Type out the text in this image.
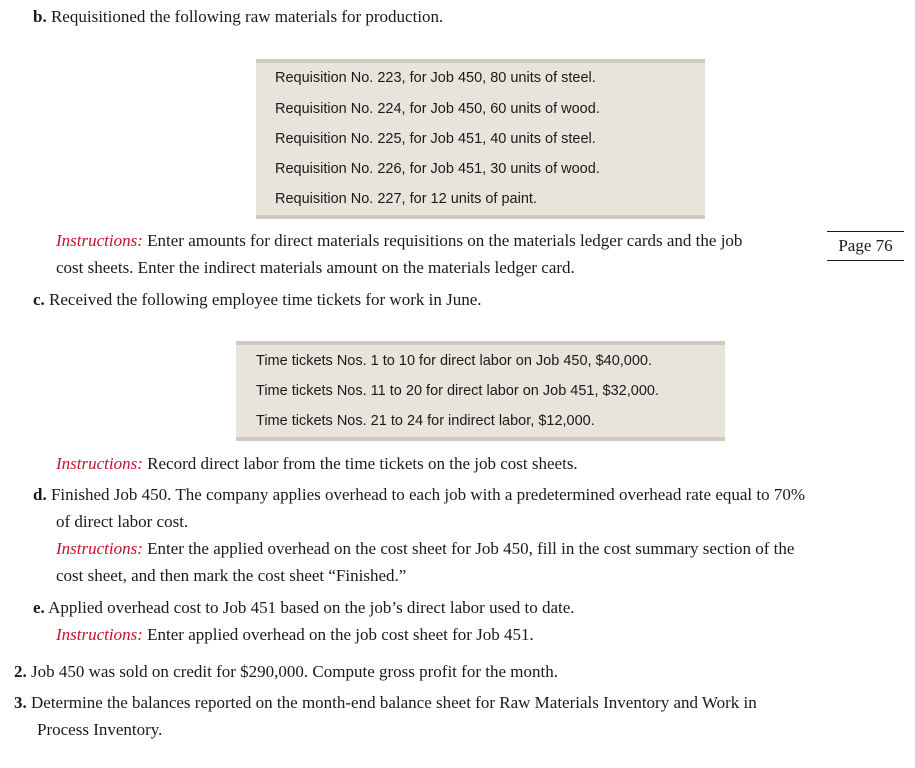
b. Requisitioned the following raw materials for production.
Requisition No. 223, for Job 450, 80 units of steel.
Requisition No. 224, for Job 450, 60 units of wood.
Requisition No. 225, for Job 451, 40 units of steel.
Requisition No. 226, for Job 451, 30 units of wood.
Requisition No. 227, for 12 units of paint.
Instructions: Enter amounts for direct materials requisitions on the materials ledger cards and the job
cost sheets. Enter the indirect materials amount on the materials ledger card.
Page 76
c. Received the following employee time tickets for work in June.
Time tickets Nos. 1 to 10 for direct labor on Job 450, $40,000.
Time tickets Nos. 11 to 20 for direct labor on Job 451, $32,000.
Time tickets Nos. 21 to 24 for indirect labor, $12,000.
Instructions: Record direct labor from the time tickets on the job cost sheets.
d. Finished Job 450. The company applies overhead to each job with a predetermined overhead rate equal to 70%
of direct labor cost.
Instructions: Enter the applied overhead on the cost sheet for Job 450, fill in the cost summary section of the
cost sheet, and then mark the cost sheet “Finished.”
e. Applied overhead cost to Job 451 based on the job’s direct labor used to date.
Instructions: Enter applied overhead on the job cost sheet for Job 451.
2. Job 450 was sold on credit for $290,000. Compute gross profit for the month.
3. Determine the balances reported on the month-end balance sheet for Raw Materials Inventory and Work in
Process Inventory.
